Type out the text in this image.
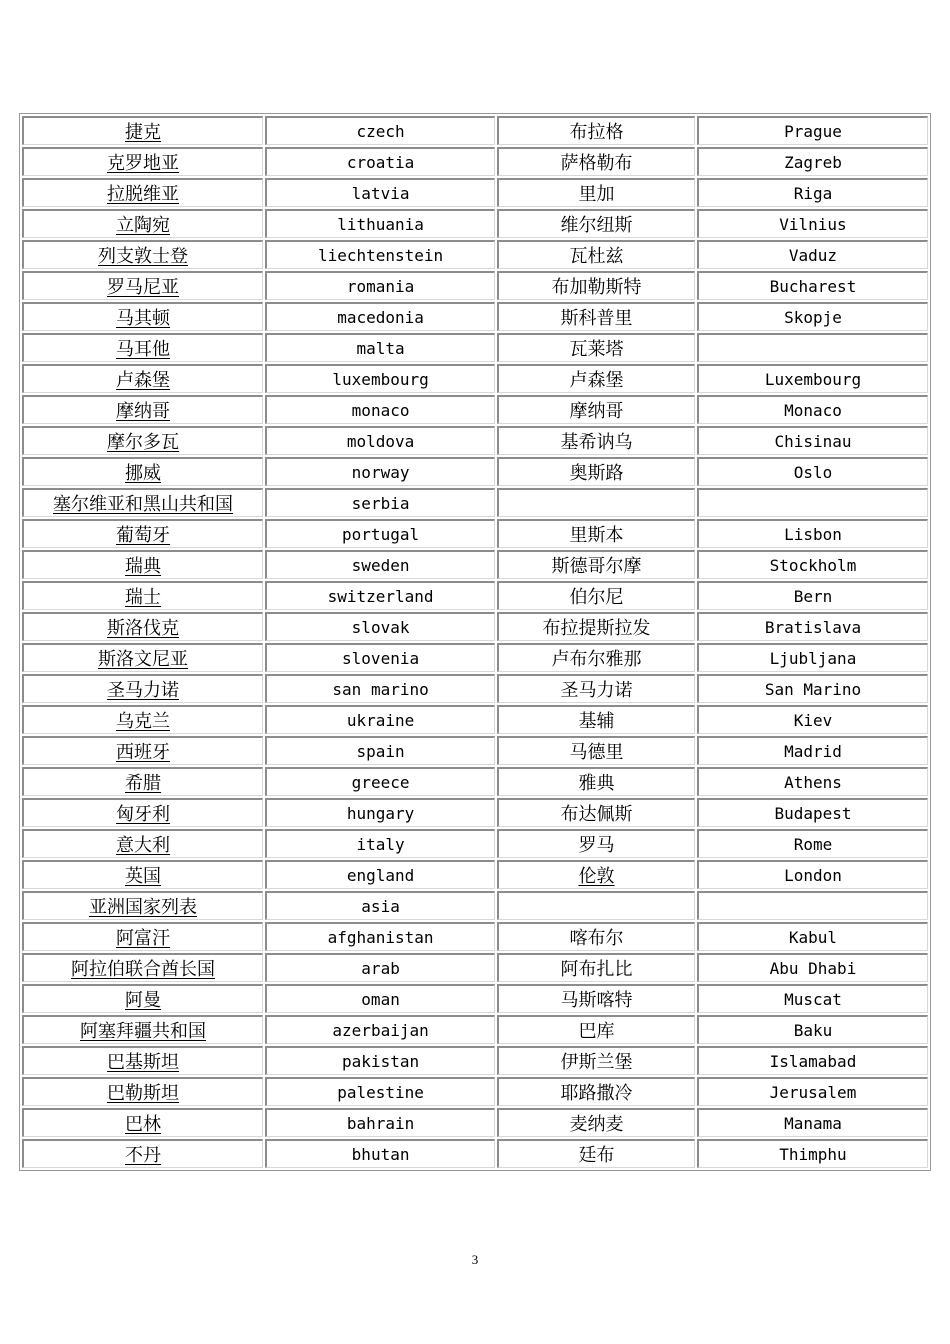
捷克	czech	布拉格	Prague
克罗地亚	croatia	萨格勒布	Zagreb
拉脱维亚	latvia	里加	Riga
立陶宛	lithuania	维尔纽斯	Vilnius
列支敦士登	liechtenstein	瓦杜兹	Vaduz
罗马尼亚	romania	布加勒斯特	Bucharest
马其顿	macedonia	斯科普里	Skopje
马耳他	malta	瓦莱塔	
卢森堡	luxembourg	卢森堡	Luxembourg
摩纳哥	monaco	摩纳哥	Monaco
摩尔多瓦	moldova	基希讷乌	Chisinau
挪威	norway	奥斯路	Oslo
塞尔维亚和黑山共和国	serbia		
葡萄牙	portugal	里斯本	Lisbon
瑞典	sweden	斯德哥尔摩	Stockholm
瑞士	switzerland	伯尔尼	Bern
斯洛伐克	slovak	布拉提斯拉发	Bratislava
斯洛文尼亚	slovenia	卢布尔雅那	Ljubljana
圣马力诺	san marino	圣马力诺	San Marino
乌克兰	ukraine	基辅	Kiev
西班牙	spain	马德里	Madrid
希腊	greece	雅典	Athens
匈牙利	hungary	布达佩斯	Budapest
意大利	italy	罗马	Rome
英国	england	伦敦	London
亚洲国家列表	asia		
阿富汗	afghanistan	喀布尔	Kabul
阿拉伯联合酋长国	arab	阿布扎比	Abu Dhabi
阿曼	oman	马斯喀特	Muscat
阿塞拜疆共和国	azerbaijan	巴库	Baku
巴基斯坦	pakistan	伊斯兰堡	Islamabad
巴勒斯坦	palestine	耶路撒冷	Jerusalem
巴林	bahrain	麦纳麦	Manama
不丹	bhutan	廷布	Thimphu
3
